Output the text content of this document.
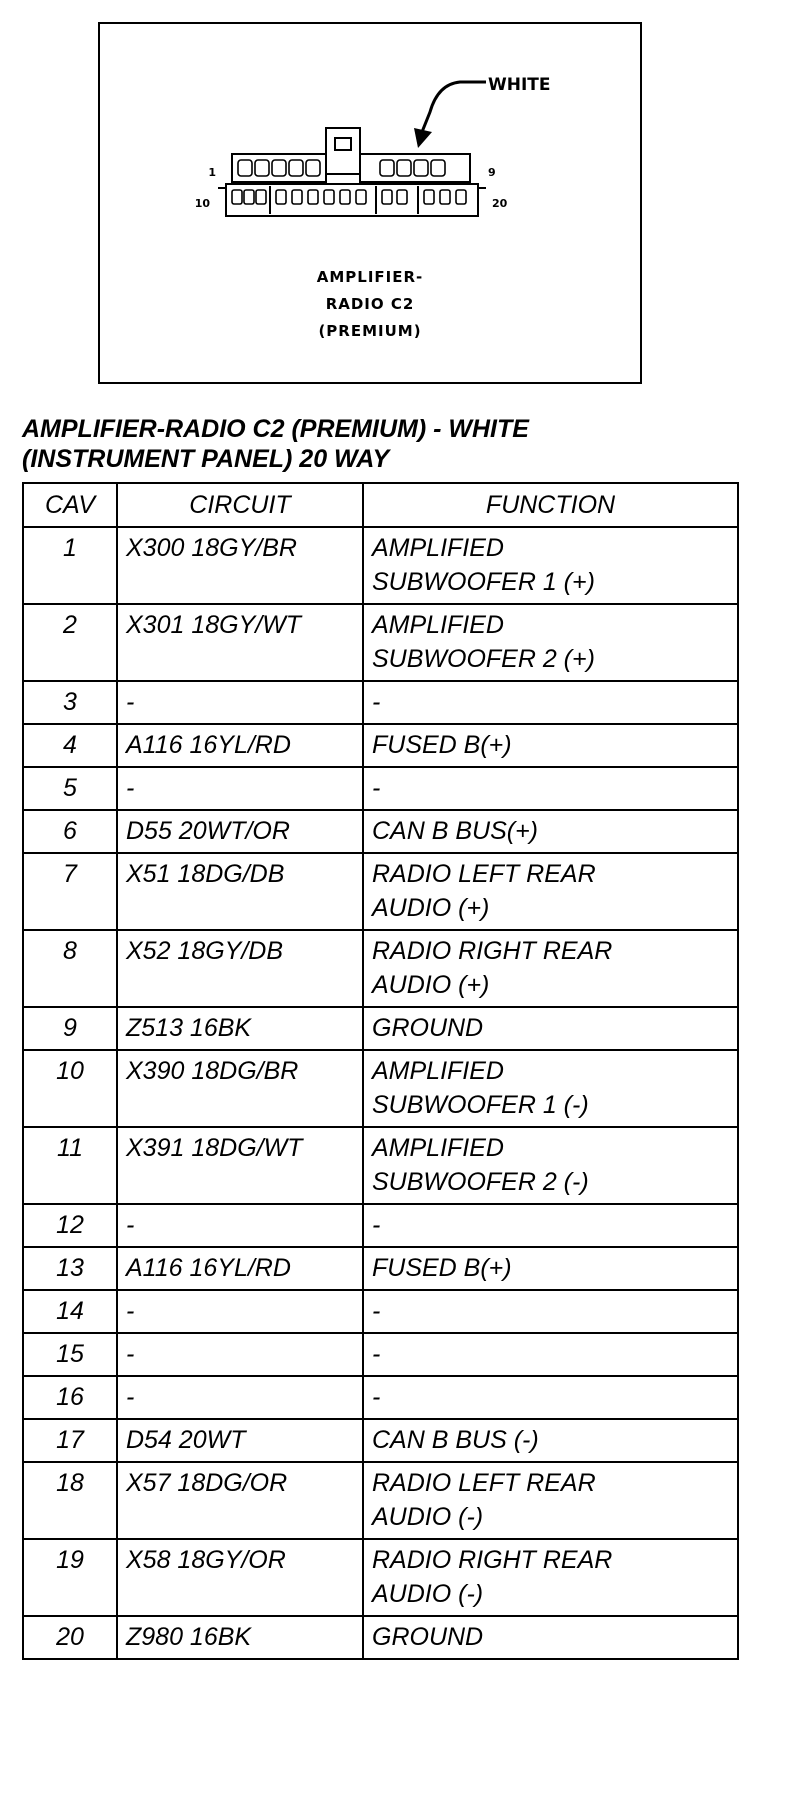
WHITE
1	9
10	20
AMPLIFIER-
RADIO C2
(PREMIUM)
AMPLIFIER-RADIO C2 (PREMIUM) - WHITE
(INSTRUMENT PANEL) 20 WAY
CAV	CIRCUIT	FUNCTION
1	X300 18GY/BR	AMPLIFIED
SUBWOOFER 1 (+)
2	X301 18GY/WT	AMPLIFIED
SUBWOOFER 2 (+)
3	-	-
4	A116 16YL/RD	FUSED B(+)
5	-	-
6	D55 20WT/OR	CAN B BUS(+)
7	X51 18DG/DB	RADIO LEFT REAR
AUDIO (+)
8	X52 18GY/DB	RADIO RIGHT REAR
AUDIO (+)
9	Z513 16BK	GROUND
10	X390 18DG/BR	AMPLIFIED
SUBWOOFER 1 (-)
11	X391 18DG/WT	AMPLIFIED
SUBWOOFER 2 (-)
12	-	-
13	A116 16YL/RD	FUSED B(+)
14	-	-
15	-	-
16	-	-
17	D54 20WT	CAN B BUS (-)
18	X57 18DG/OR	RADIO LEFT REAR
AUDIO (-)
19	X58 18GY/OR	RADIO RIGHT REAR
AUDIO (-)
20	Z980 16BK	GROUND
